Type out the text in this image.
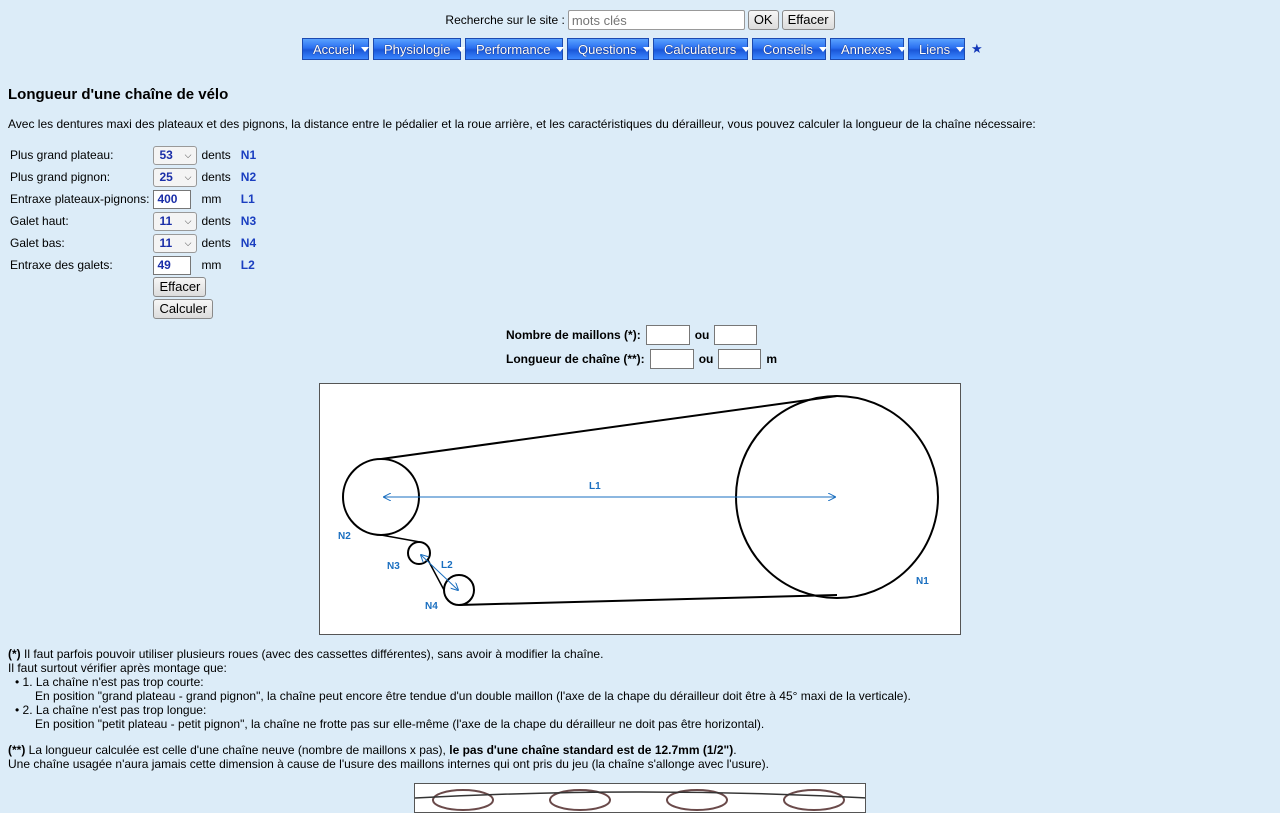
Recherche sur le site :
mots clés	OK	Effacer
Accueil Physiologie Performance Questions Calculateurs Conseils Annexes Liens ★
Longueur d'une chaîne de vélo

Avec les dentures maxi des plateaux et des pignons, la distance entre le pédalier et la roue arrière, et les caractéristiques du dérailleur, vous pouvez calculer la longueur de la chaîne nécessaire:

Plus grand plateau:	53 ⌵	dents	N1
Plus grand pignon:	25 ⌵	dents	N2
Entraxe plateaux-pignons:	400	mm	L1
Galet haut:	11 ⌵	dents	N3
Galet bas:	11 ⌵	dents	N4
Entraxe des galets:	49	mm	L2
	Effacer		
	Calculer		
Nombre de maillons (*):	ou
Longueur de chaîne (**):	ou	m
L1
L2
N1
N2
N3
N4

(*) Il faut parfois pouvoir utiliser plusieurs roues (avec des cassettes différentes), sans avoir à modifier la chaîne.

Il faut surtout vérifier après montage que:

• 1. La chaîne n'est pas trop courte:

En position "grand plateau - grand pignon", la chaîne peut encore être tendue d'un double maillon (l'axe de la chape du dérailleur doit être à 45° maxi de la verticale).

• 2. La chaîne n'est pas trop longue:

En position "petit plateau - petit pignon", la chaîne ne frotte pas sur elle-même (l'axe de la chape du dérailleur ne doit pas être horizontal).

(**) La longueur calculée est celle d'une chaîne neuve (nombre de maillons x pas), le pas d'une chaîne standard est de 12.7mm (1/2").

Une chaîne usagée n'aura jamais cette dimension à cause de l'usure des maillons internes qui ont pris du jeu (la chaîne s'allonge avec l'usure).
